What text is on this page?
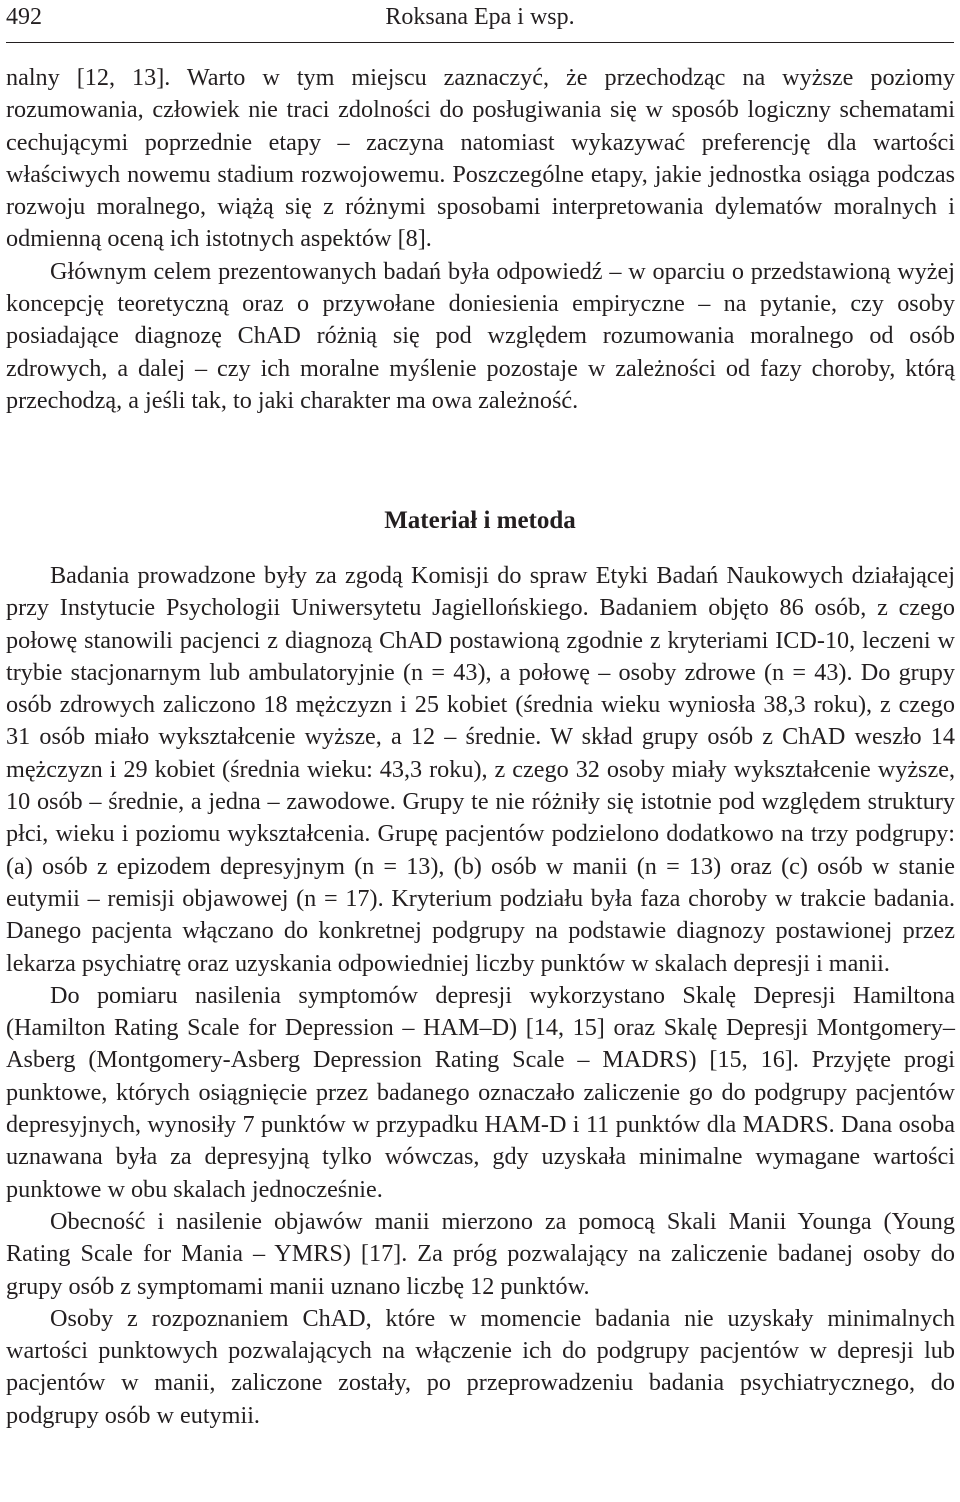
492	Roksana Epa i wsp.

nalny [12, 13]. Warto w tym miejscu zaznaczyć, że przechodząc na wyższe poziomy rozumowania, człowiek nie traci zdolności do posługiwania się w sposób logiczny schematami cechującymi poprzednie etapy – zaczyna natomiast wykazywać preferencję dla wartości właściwych nowemu stadium rozwojowemu. Poszczególne etapy, jakie jednostka osiąga podczas rozwoju moralnego, wiążą się z różnymi sposobami interpretowania dylematów moralnych i odmienną oceną ich istotnych aspektów [8].

Głównym celem prezentowanych badań była odpowiedź – w oparciu o przedstawioną wyżej koncepcję teoretyczną oraz o przywołane doniesienia empiryczne – na pytanie, czy osoby posiadające diagnozę ChAD różnią się pod względem rozumowania moralnego od osób zdrowych, a dalej – czy ich moralne myślenie pozostaje w zależności od fazy choroby, którą przechodzą, a jeśli tak, to jaki charakter ma owa zależność.

Materiał i metoda

Badania prowadzone były za zgodą Komisji do spraw Etyki Badań Naukowych działającej przy Instytucie Psychologii Uniwersytetu Jagiellońskiego. Badaniem objęto 86 osób, z czego połowę stanowili pacjenci z diagnozą ChAD postawioną zgodnie z kryteriami ICD-10, leczeni w trybie stacjonarnym lub ambulatoryjnie (n = 43), a połowę – osoby zdrowe (n = 43). Do grupy osób zdrowych zaliczono 18 mężczyzn i 25 kobiet (średnia wieku wyniosła 38,3 roku), z czego 31 osób miało wykształcenie wyższe, a 12 – średnie. W skład grupy osób z ChAD weszło 14 mężczyzn i 29 kobiet (średnia wieku: 43,3 roku), z czego 32 osoby miały wykształcenie wyższe, 10 osób – średnie, a jedna – zawodowe. Grupy te nie różniły się istotnie pod względem struktury płci, wieku i poziomu wykształcenia. Grupę pacjentów podzielono dodatkowo na trzy podgrupy: (a) osób z epizodem depresyjnym (n = 13), (b) osób w manii (n = 13) oraz (c) osób w stanie eutymii – remisji objawowej (n = 17). Kryterium podziału była faza choroby w trakcie badania. Danego pacjenta włączano do konkretnej podgrupy na podstawie diagnozy postawionej przez lekarza psychiatrę oraz uzyskania odpowiedniej liczby punktów w skalach depresji i manii.

Do pomiaru nasilenia symptomów depresji wykorzystano Skalę Depresji Hamiltona (Hamilton Rating Scale for Depression – HAM–D) [14, 15] oraz Skalę Depresji Montgomery–Asberg (Montgomery-Asberg Depression Rating Scale – MADRS) [15, 16]. Przyjęte progi punktowe, których osiągnięcie przez badanego oznaczało zaliczenie go do podgrupy pacjentów depresyjnych, wynosiły 7 punktów w przypadku HAM-D i 11 punktów dla MADRS. Dana osoba uznawana była za depresyjną tylko wówczas, gdy uzyskała minimalne wymagane wartości punktowe w obu skalach jednocześnie.

Obecność i nasilenie objawów manii mierzono za pomocą Skali Manii Younga (Young Rating Scale for Mania – YMRS) [17]. Za próg pozwalający na zaliczenie badanej osoby do grupy osób z symptomami manii uznano liczbę 12 punktów.

Osoby z rozpoznaniem ChAD, które w momencie badania nie uzyskały minimalnych wartości punktowych pozwalających na włączenie ich do podgrupy pacjentów w depresji lub pacjentów w manii, zaliczone zostały, po przeprowadzeniu badania psychiatrycznego, do podgrupy osób w eutymii.
